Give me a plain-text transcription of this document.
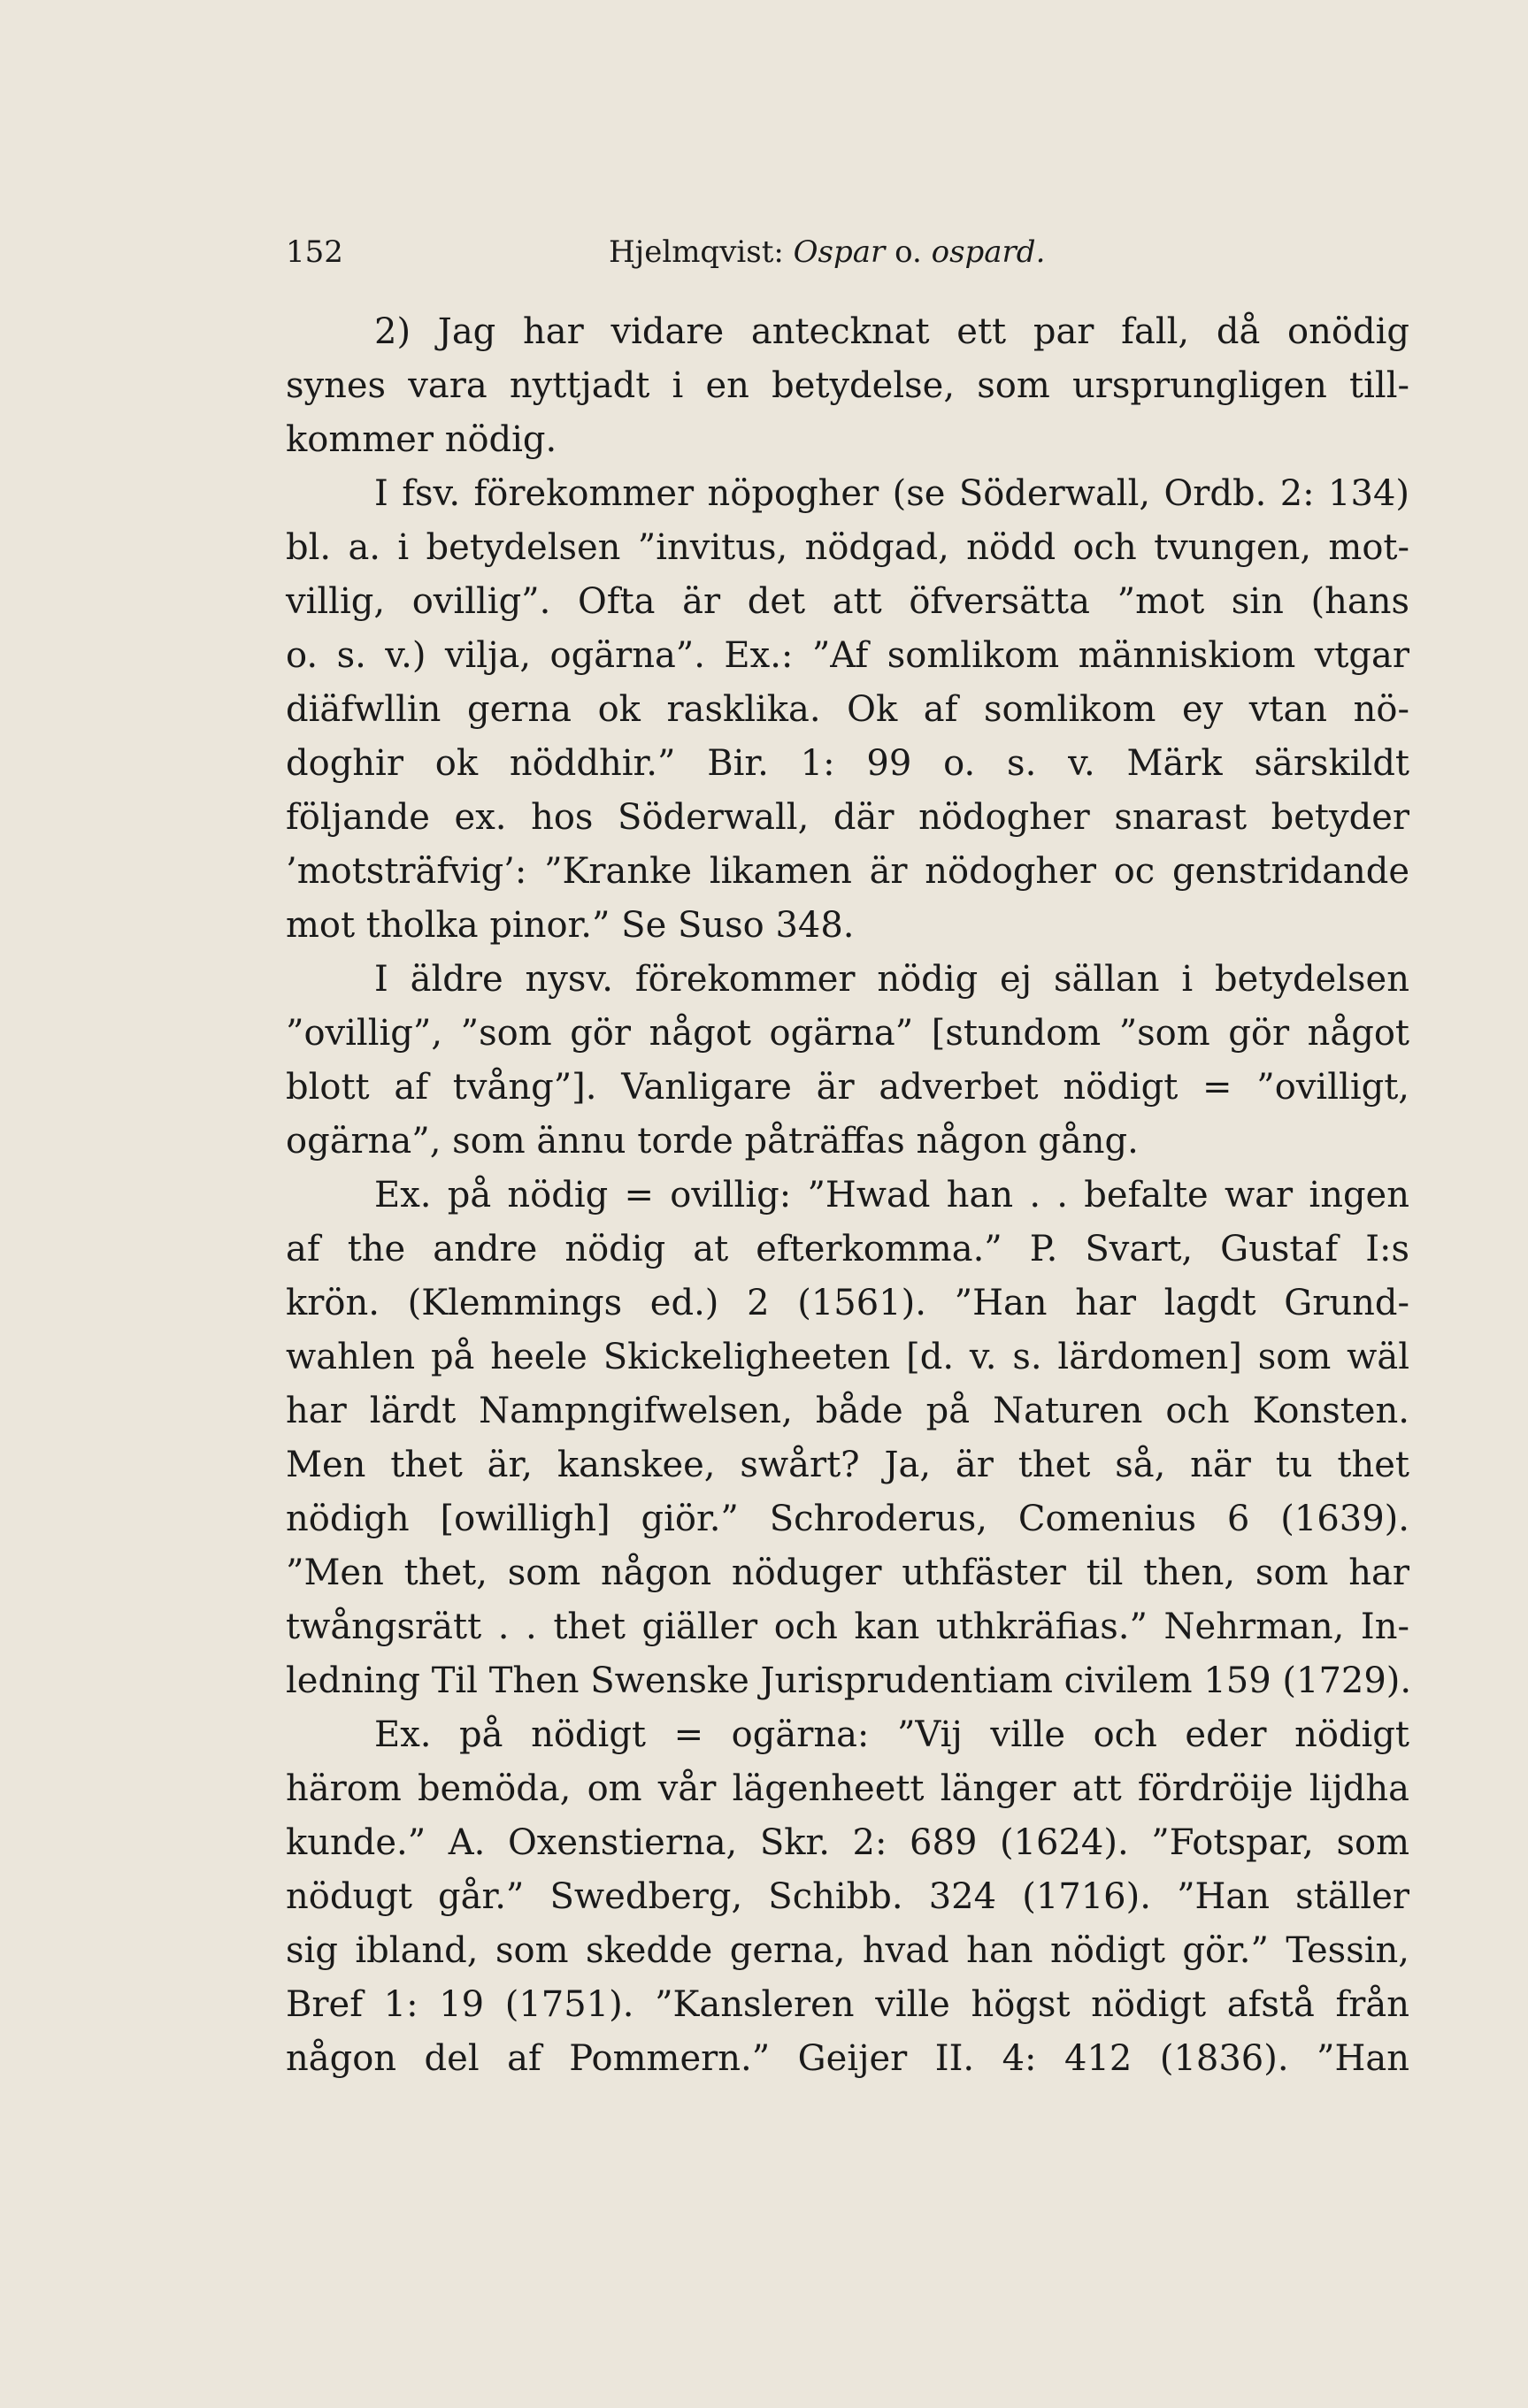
152	Hjelmqvist: Ospar o. ospard.
2) Jag har vidare antecknat ett par fall, då onödig
synes vara nyttjadt i en betydelse, som ursprungligen till-
kommer nödig.
I fsv. förekommer nöpogher (se Söderwall, Ordb. 2: 134)
bl. a. i betydelsen ”invitus, nödgad, nödd och tvungen, mot-
villig, ovillig”. Ofta är det att öfversätta ”mot sin (hans
o. s. v.) vilja, ogärna”. Ex.: ”Af somlikom människiom vtgar
diäfwllin gerna ok rasklika. Ok af somlikom ey vtan nö-
doghir ok nöddhir.” Bir. 1: 99 o. s. v. Märk särskildt
följande ex. hos Söderwall, där nödogher snarast betyder
’motsträfvig’: ”Kranke likamen är nödogher oc genstridande
mot tholka pinor.” Se Suso 348.
I äldre nysv. förekommer nödig ej sällan i betydelsen
”ovillig”, ”som gör något ogärna” [stundom ”som gör något
blott af tvång”]. Vanligare är adverbet nödigt = ”ovilligt,
ogärna”, som ännu torde påträffas någon gång.
Ex. på nödig = ovillig: ”Hwad han . . befalte war ingen
af the andre nödig at efterkomma.” P. Svart, Gustaf I:s
krön. (Klemmings ed.) 2 (1561). ”Han har lagdt Grund-
wahlen på heele Skickeligheeten [d. v. s. lärdomen] som wäl
har lärdt Nampngifwelsen, både på Naturen och Konsten.
Men thet är, kanskee, swårt? Ja, är thet så, när tu thet
nödigh [owilligh] giör.” Schroderus, Comenius 6 (1639).
”Men thet, som någon nöduger uthfäster til then, som har
twångsrätt . . thet giäller och kan uthkräfias.” Nehrman, In-
ledning Til Then Swenske Jurisprudentiam civilem 159 (1729).
Ex. på nödigt = ogärna: ”Vij ville och eder nödigt
härom bemöda, om vår lägenheett länger att fördröije lijdha
kunde.” A. Oxenstierna, Skr. 2: 689 (1624). ”Fotspar, som
nödugt går.” Swedberg, Schibb. 324 (1716). ”Han ställer
sig ibland, som skedde gerna, hvad han nödigt gör.” Tessin,
Bref 1: 19 (1751). ”Kansleren ville högst nödigt afstå från
någon del af Pommern.” Geijer II. 4: 412 (1836). ”Han
